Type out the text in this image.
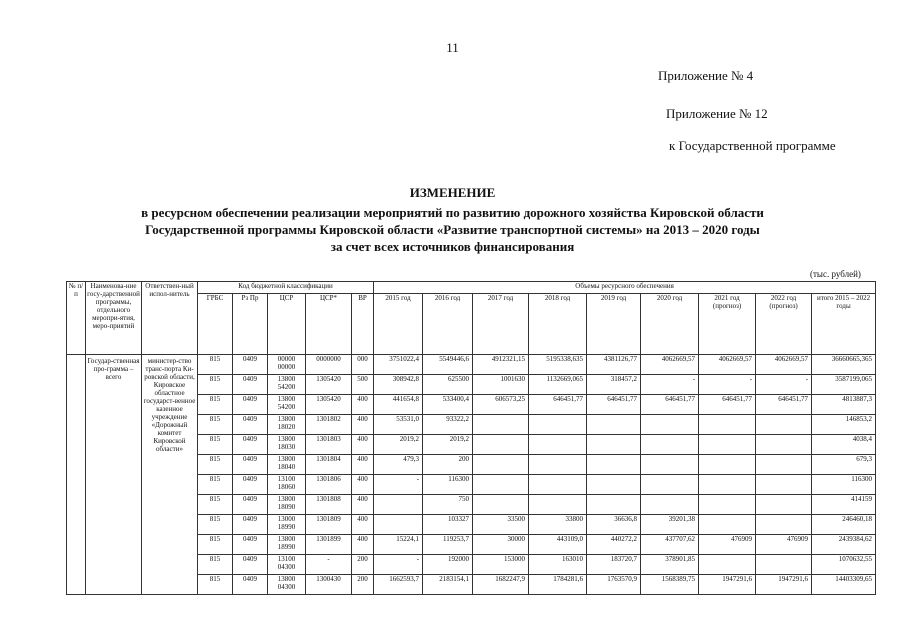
11
Приложение № 4
Приложение № 12
к Государственной программе
ИЗМЕНЕНИЕ
в ресурсном обеспечении реализации мероприятий по развитию дорожного хозяйства Кировской области
Государственной программы Кировской области «Развитие транспортной системы» на 2013 – 2020 годы
за счет всех источников финансирования
(тыс. рублей)
№ п/п	Наименова-ние госу-дарственной программы, отдельного меропри-ятия, меро-приятий	Ответствен-ный испол-нитель	Код бюджетной классификации					Объемы ресурсного обеспечения								
			ГРБС	Рз Пр	ЦСР	ЦСР*	ВР	2015 год	2016 год	2017 год	2018 год	2019 год	2020 год	2021 год (прогноз)	2022 год (прогноз)	итого 2015 – 2022 годы
	Государ-ственная про-грамма – всего	министер-ство транс-порта Ки-ровской области, Кировское областное государст-венное казенное учреждение «Дорожный комитет Кировской области»	815	0409	00000 00000	0000000	000	3751022,4	5549446,6	4912321,15	5195338,635	4381126,77	4062669,57	4062669,57	4062669,57	36660665,365
			815	0409	13800 54200	1305420	500	308942,8	625500	1001630	1132669,065	318457,2	-	-	-	3587199,065
			815	0409	13800 54200	1305420	400	441654,8	533400,4	606573,25	646451,77	646451,77	646451,77	646451,77	646451,77	4813887,3
			815	0409	13800 18020	1301802	400	53531,0	93322,2							146853,2
			815	0409	13800 18030	1301803	400	2019,2	2019,2							4038,4
			815	0409	13800 18040	1301804	400	479,3	200							679,3
			815	0409	13100 18060	1301806	400	-	116300							116300
			815	0409	13800 18090	1301808	400		750							414159
			815	0409	13000 18990	1301809	400		103327	33500	33800	36636,8	39201,38			246460,18
			815	0409	13800 18990	1301899	400	15224,1	119253,7	30000	443109,0	440272,2	437707,62	476909	476909	2439384,62
			815	0409	13100 04300	-	200	-	192000	153000	163010	183720,7	378901,85			1070632,55
			815	0409	13800 04300	1300430	200	1662593,7	2183154,1	1682247,9	1784281,6	1763570,9	1568389,75	1947291,6	1947291,6	14403309,65
